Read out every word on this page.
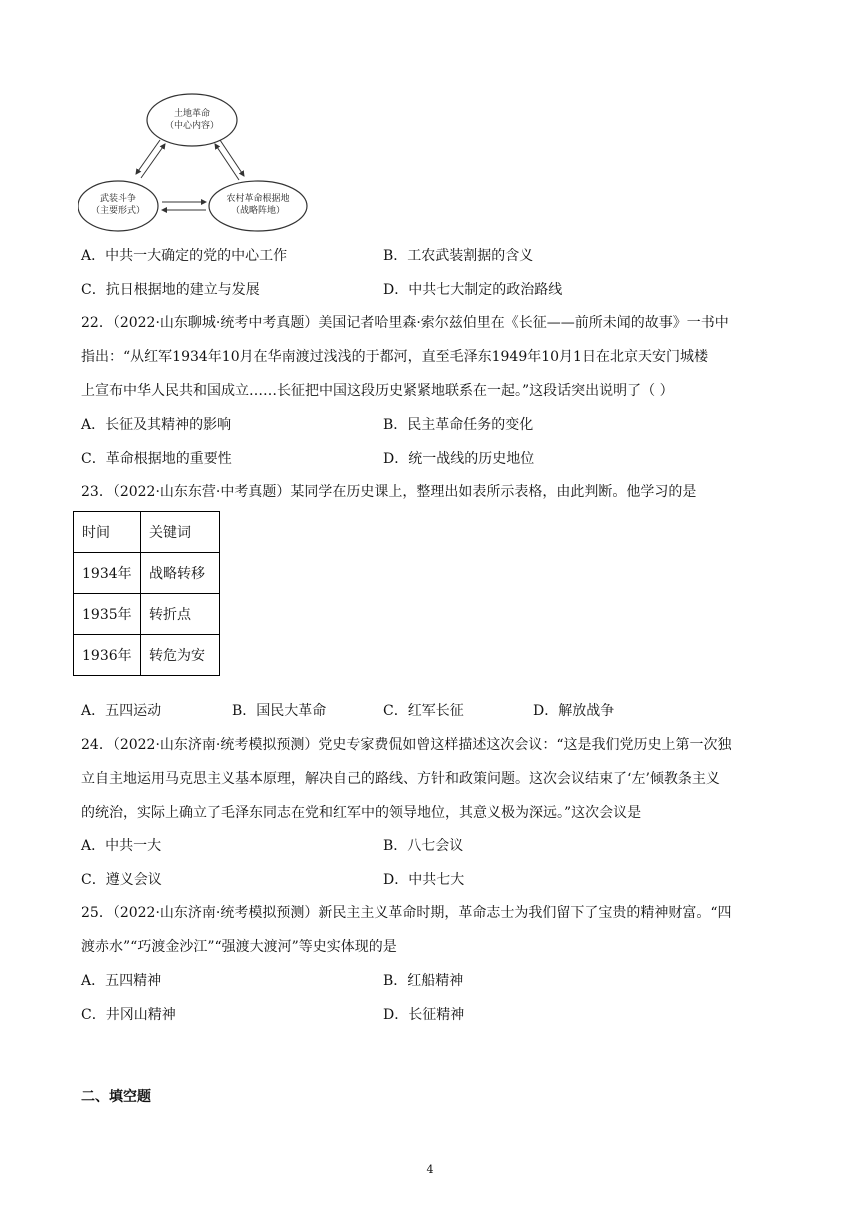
土地革命
（中心内容）
武装斗争
（主要形式）
农村革命根据地
（战略阵地）
A．中共一大确定的党的中心工作	B．工农武装割据的含义
C．抗日根据地的建立与发展	D．中共七大制定的政治路线
22．（2022·山东聊城·统考中考真题）美国记者哈里森·索尔兹伯里在《长征——前所未闻的故事》一书中
指出：“从红军1934年10月在华南渡过浅浅的于都河，直至毛泽东1949年10月1日在北京天安门城楼
上宣布中华人民共和国成立……长征把中国这段历史紧紧地联系在一起。”这段话突出说明了（ ）
A．长征及其精神的影响	B．民主革命任务的变化
C．革命根据地的重要性	D．统一战线的历史地位
23．（2022·山东东营·中考真题）某同学在历史课上，整理出如表所示表格，由此判断。他学习的是
时间	关键词
1934年	战略转移
1935年	转折点
1936年	转危为安
A．五四运动	B．国民大革命	C．红军长征	D．解放战争
24．（2022·山东济南·统考模拟预测）党史专家费侃如曾这样描述这次会议：“这是我们党历史上第一次独
立自主地运用马克思主义基本原理，解决自己的路线、方针和政策问题。这次会议结束了‘左’倾教条主义
的统治，实际上确立了毛泽东同志在党和红军中的领导地位，其意义极为深远。”这次会议是
A．中共一大	B．八七会议
C．遵义会议	D．中共七大
25．（2022·山东济南·统考模拟预测）新民主主义革命时期，革命志士为我们留下了宝贵的精神财富。“四
渡赤水”“巧渡金沙江”“强渡大渡河”等史实体现的是
A．五四精神	B．红船精神
C．井冈山精神	D．长征精神
二、填空题
4
